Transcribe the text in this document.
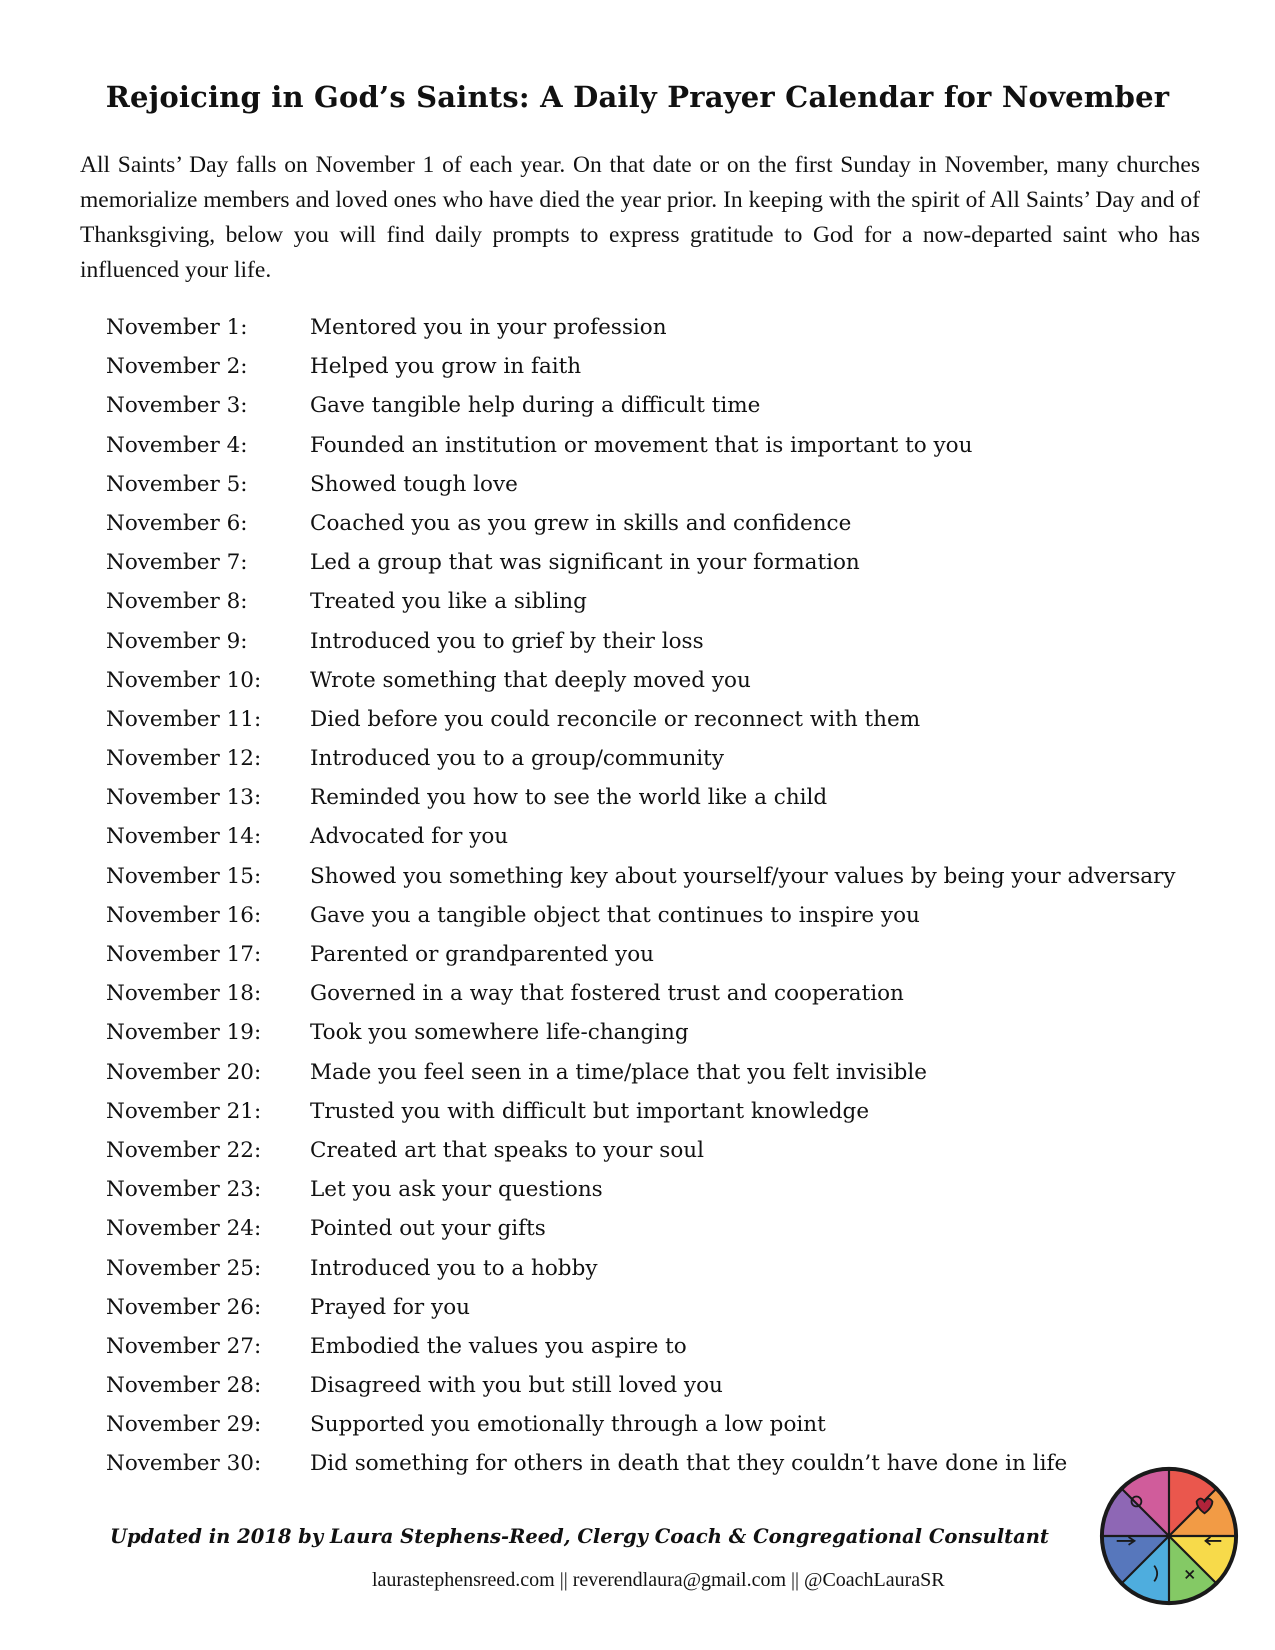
Rejoicing in God’s Saints: A Daily Prayer Calendar for November

All Saints’ Day falls on November 1 of each year. On that date or on the first Sunday in November, many churches memorialize members and loved ones who have died the year prior. In keeping with the spirit of All Saints’ Day and of Thanksgiving, below you will find daily prompts to express gratitude to God for a now-departed saint who has influenced your life.

November 1:	Mentored you in your profession
November 2:	Helped you grow in faith
November 3:	Gave tangible help during a difficult time
November 4:	Founded an institution or movement that is important to you
November 5:	Showed tough love
November 6:	Coached you as you grew in skills and confidence
November 7:	Led a group that was significant in your formation
November 8:	Treated you like a sibling
November 9:	Introduced you to grief by their loss
November 10:	Wrote something that deeply moved you
November 11:	Died before you could reconcile or reconnect with them
November 12:	Introduced you to a group/community
November 13:	Reminded you how to see the world like a child
November 14:	Advocated for you
November 15:	Showed you something key about yourself/your values by being your adversary
November 16:	Gave you a tangible object that continues to inspire you
November 17:	Parented or grandparented you
November 18:	Governed in a way that fostered trust and cooperation
November 19:	Took you somewhere life-changing
November 20:	Made you feel seen in a time/place that you felt invisible
November 21:	Trusted you with difficult but important knowledge
November 22:	Created art that speaks to your soul
November 23:	Let you ask your questions
November 24:	Pointed out your gifts
November 25:	Introduced you to a hobby
November 26:	Prayed for you
November 27:	Embodied the values you aspire to
November 28:	Disagreed with you but still loved you
November 29:	Supported you emotionally through a low point
November 30:	Did something for others in death that they couldn’t have done in life

Updated in 2018 by Laura Stephens-Reed, Clergy Coach & Congregational Consultant

laurastephensreed.com || reverendlaura@gmail.com || @CoachLauraSR
